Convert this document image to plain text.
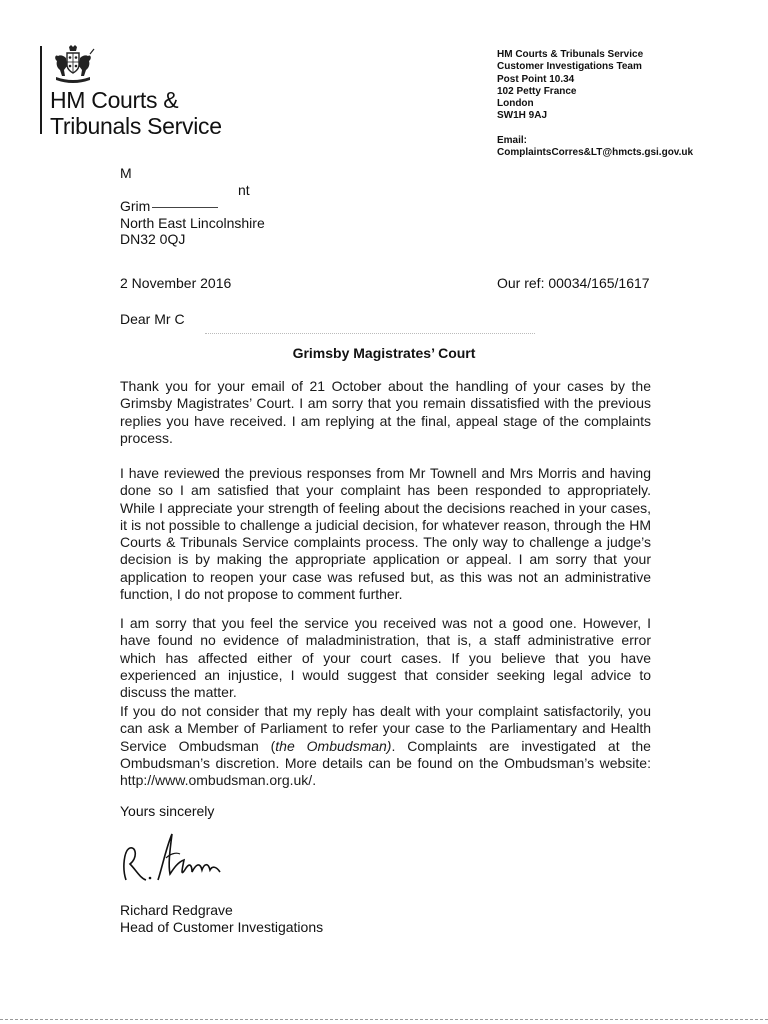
HM Courts &
Tribunals Service
HM Courts & Tribunals Service
Customer Investigations Team
Post Point 10.34
102 Petty France
London
SW1H 9AJ
Email:
ComplaintsCorres&LT@hmcts.gsi.gov.uk
M

nt
Grim
North East Lincolnshire
DN32 0QJ
2 November 2016	Our ref: 00034/165/1617
Dear Mr C
Grimsby Magistrates’ Court

Thank you for your email of 21 October about the handling of your cases by the Grimsby Magistrates’ Court. I am sorry that you remain dissatisfied with the previous replies you have received. I am replying at the final, appeal stage of the complaints process.

I have reviewed the previous responses from Mr Townell and Mrs Morris and having done so I am satisfied that your complaint has been responded to appropriately. While I appreciate your strength of feeling about the decisions reached in your cases, it is not possible to challenge a judicial decision, for whatever reason, through the HM Courts & Tribunals Service complaints process. The only way to challenge a judge’s decision is by making the appropriate application or appeal. I am sorry that your application to reopen your case was refused but, as this was not an administrative function, I do not propose to comment further.

I am sorry that you feel the service you received was not a good one. However, I have found no evidence of maladministration, that is, a staff administrative error which has affected either of your court cases. If you believe that you have experienced an injustice, I would suggest that consider seeking legal advice to discuss the matter.

If you do not consider that my reply has dealt with your complaint satisfactorily, you can ask a Member of Parliament to refer your case to the Parliamentary and Health Service Ombudsman (the Ombudsman). Complaints are investigated at the Ombudsman’s discretion. More details can be found on the Ombudsman’s website: http://www.ombudsman.org.uk/.

Yours sincerely
Richard Redgrave
Head of Customer Investigations
